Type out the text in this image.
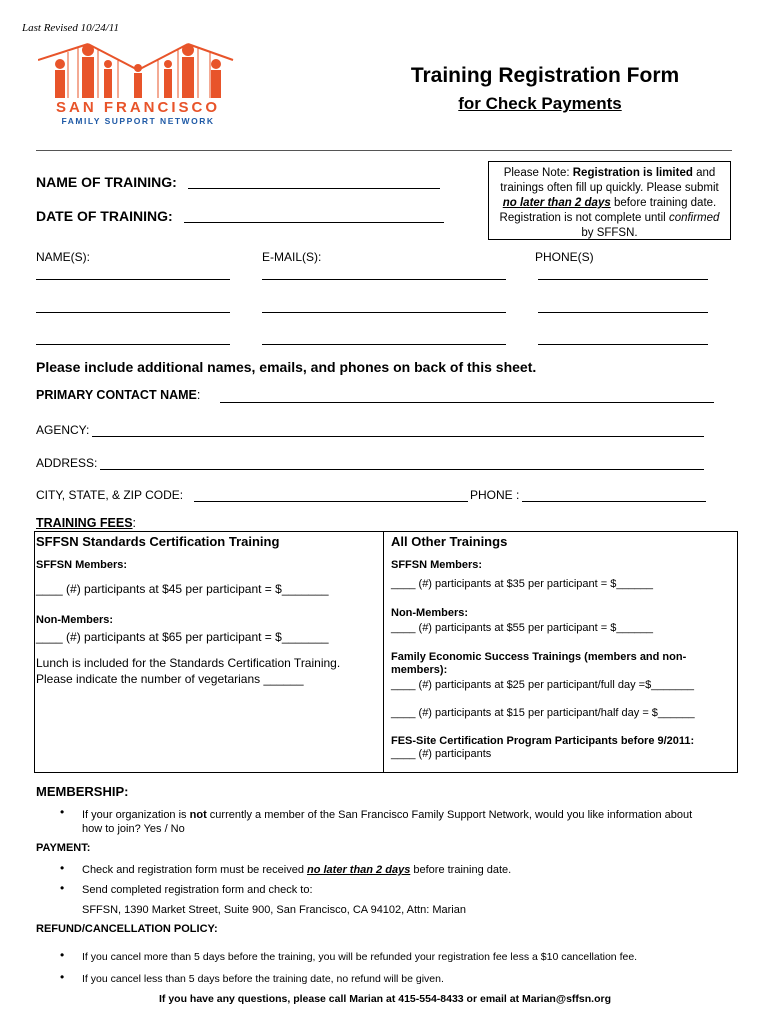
Last Revised 10/24/11
SAN FRANCISCO
FAMILY SUPPORT NETWORK
Training Registration Form
for Check Payments
Please Note: Registration is limited and trainings often fill up quickly. Please submit no later than 2 days before training date. Registration is not complete until confirmed by SFFSN.
NAME OF TRAINING:
DATE OF TRAINING:
NAME(S):	E-MAIL(S):	PHONE(S)
Please include additional names, emails, and phones on back of this sheet.
PRIMARY CONTACT NAME:
AGENCY:
ADDRESS:
CITY, STATE, & ZIP CODE:	PHONE :
TRAINING FEES:
SFFSN Standards Certification Training
SFFSN Members:
____ (#) participants at $45 per participant = $_______
Non-Members:
____ (#) participants at $65 per participant = $_______
Lunch is included for the Standards Certification Training.
Please indicate the number of vegetarians ______
All Other Trainings
SFFSN Members:
____ (#) participants at $35 per participant = $______
Non-Members:
____ (#) participants at $55 per participant = $______
Family Economic Success Trainings (members and non-
members):
____ (#) participants at $25 per participant/full day =$_______
____ (#) participants at $15 per participant/half day = $______
FES-Site Certification Program Participants before 9/2011:
____ (#) participants
MEMBERSHIP:
• If your organization is not currently a member of the San Francisco Family Support Network, would you like information about
how to join? Yes / No
PAYMENT:
• Check and registration form must be received no later than 2 days before training date.
• Send completed registration form and check to:
SFFSN, 1390 Market Street, Suite 900, San Francisco, CA 94102, Attn: Marian
REFUND/CANCELLATION POLICY:
• If you cancel more than 5 days before the training, you will be refunded your registration fee less a $10 cancellation fee.
• If you cancel less than 5 days before the training date, no refund will be given.
If you have any questions, please call Marian at 415-554-8433 or email at Marian@sffsn.org
